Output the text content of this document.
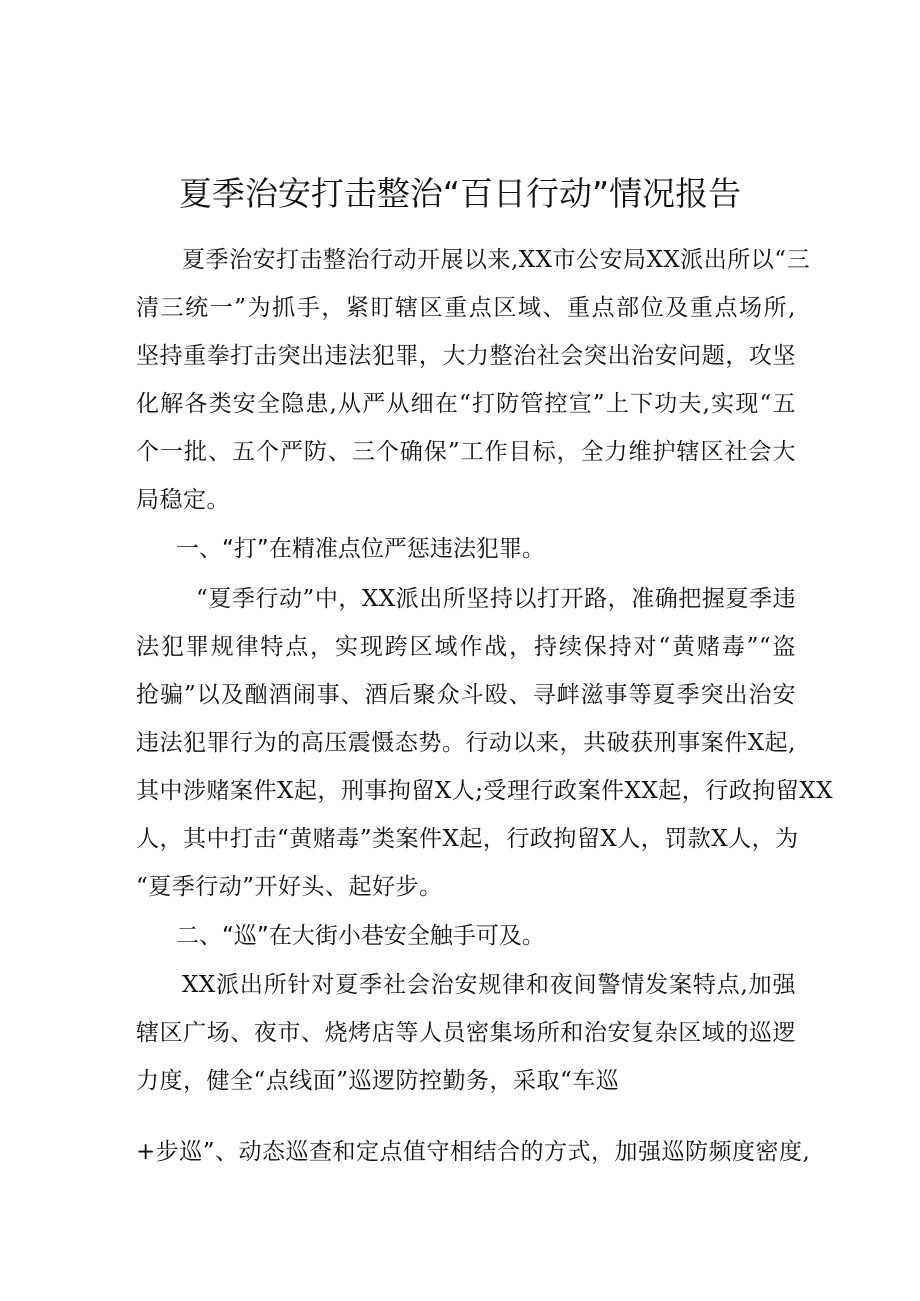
夏季治安打击整治“百日行动”情况报告
夏季治安打击整治行动开展以来,XX市公安局XX派出所以“三
清三统一”为抓手，紧盯辖区重点区域、重点部位及重点场所,
坚持重拳打击突出违法犯罪，大力整治社会突出治安问题，攻坚
化解各类安全隐患,从严从细在“打防管控宣”上下功夫,实现“五
个一批、五个严防、三个确保”工作目标，全力维护辖区社会大
局稳定。
一、“打”在精准点位严惩违法犯罪。
“夏季行动”中，XX派出所坚持以打开路，准确把握夏季违
法犯罪规律特点，实现跨区域作战，持续保持对“黄赌毒”“盗
抢骗”以及酗酒闹事、酒后聚众斗殴、寻衅滋事等夏季突出治安
违法犯罪行为的高压震慑态势。行动以来，共破获刑事案件X起,
其中涉赌案件X起，刑事拘留X人;受理行政案件XX起，行政拘留XX
人，其中打击“黄赌毒”类案件X起，行政拘留X人，罚款X人，为
“夏季行动”开好头、起好步。
二、“巡”在大街小巷安全触手可及。
XX派出所针对夏季社会治安规律和夜间警情发案特点,加强
辖区广场、夜市、烧烤店等人员密集场所和治安复杂区域的巡逻
力度，健全“点线面”巡逻防控勤务，采取“车巡
+步巡”、动态巡查和定点值守相结合的方式，加强巡防频度密度,
